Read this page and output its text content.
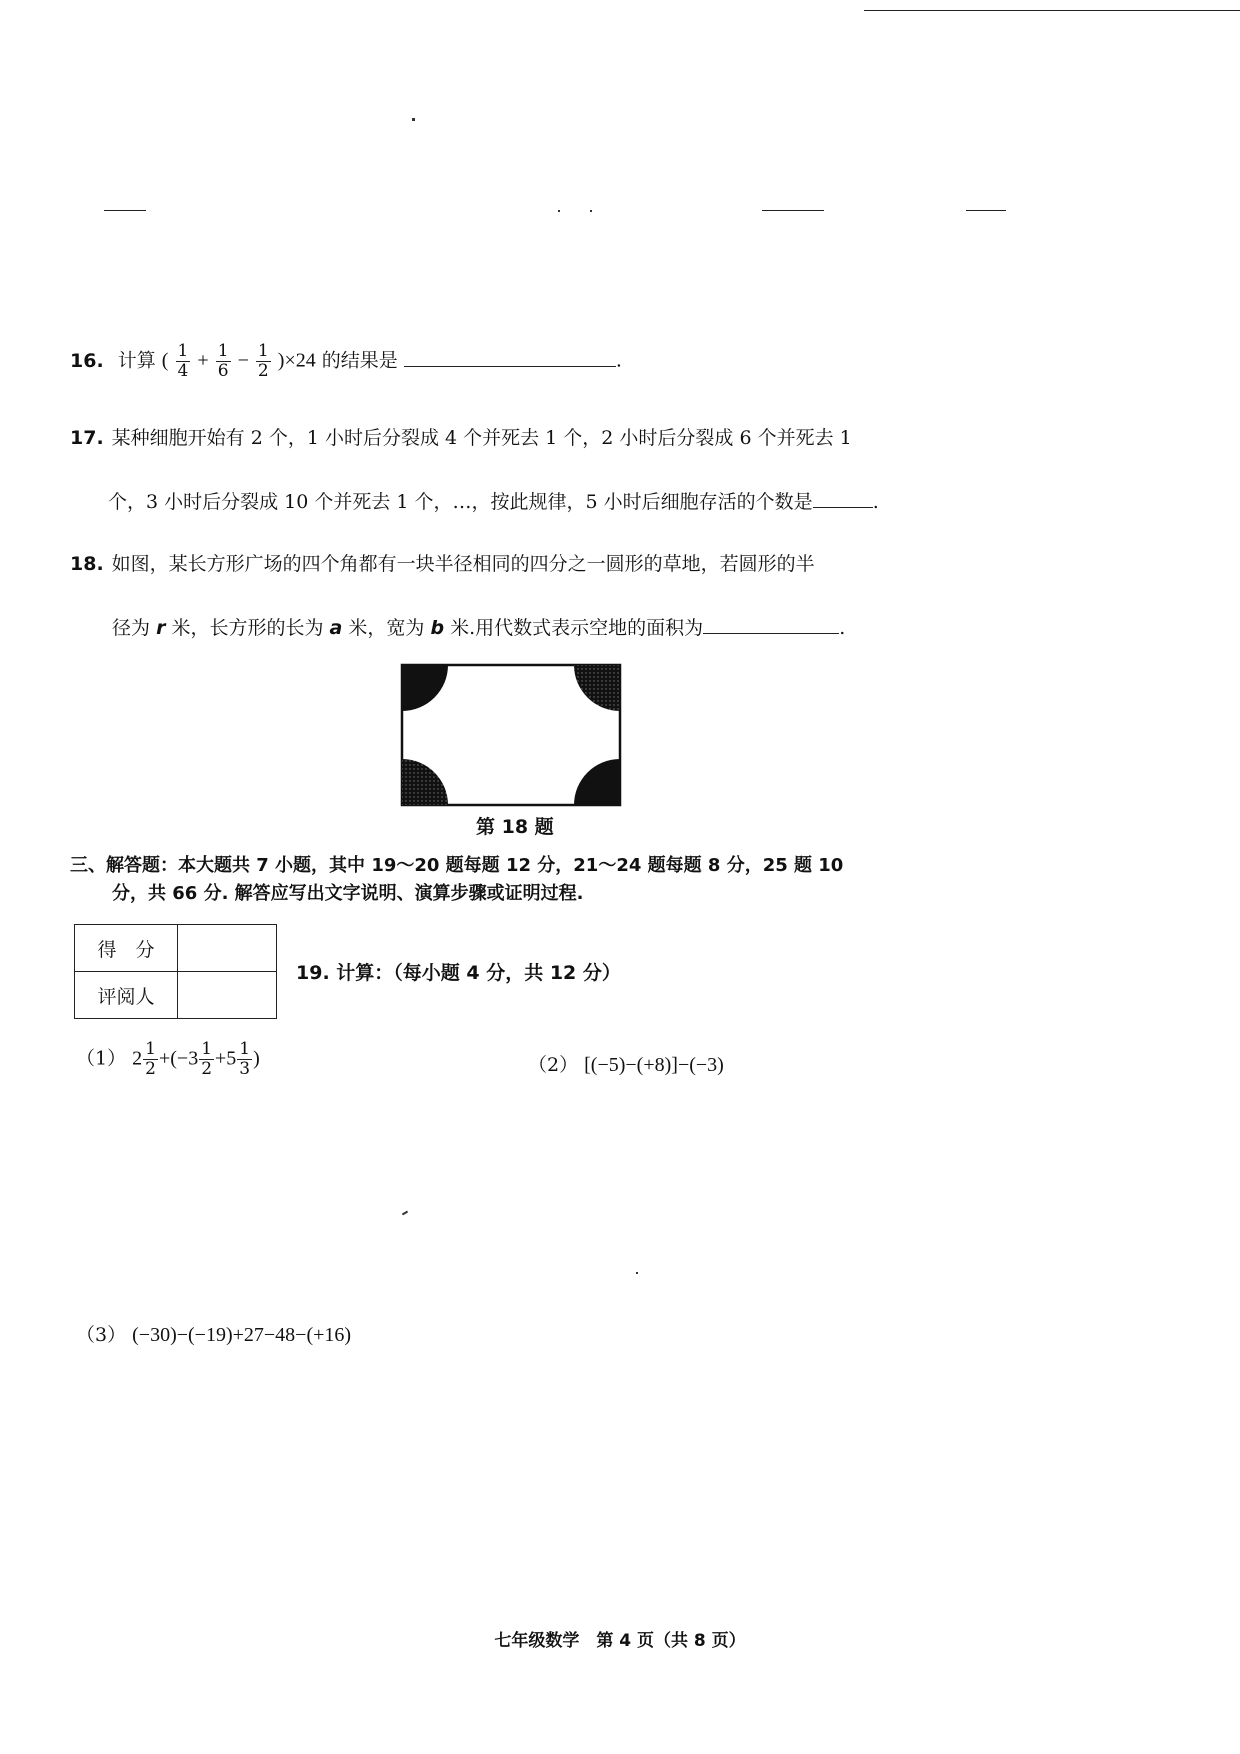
16. 计算 ( $\frac{1}{4} + \frac{1}{6} - \frac{1}{2} )\times 24$ 的结果是	.
17. 某种细胞开始有 2 个，1 小时后分裂成 4 个并死去 1 个，2 小时后分裂成 6 个并死去 1
个，3 小时后分裂成 10 个并死去 1 个，…，按此规律，5 小时后细胞存活的个数是	.
18. 如图，某长方形广场的四个角都有一块半径相同的四分之一圆形的草地，若圆形的半
径为 r 米，长方形的长为 a 米，宽为 b 米.用代数式表示空地的面积为	.
第 18 题
三、解答题：本大题共 7 小题，其中 19～20 题每题 12 分，21～24 题每题 8 分，25 题 10
分，共 66 分. 解答应写出文字说明、演算步骤或证明过程.
得　分	
评阅人	
19. 计算：（每小题 4 分，共 12 分）
（1） $2 \frac{1}{2} +(-3 \frac{1}{2} +5 \frac{1}{3}$ )	（2） [(−5)−(+8)]−(−3)
（3） (−30)−(−19)+27−48−(+16)
七年级数学　第 4 页（共 8 页）
